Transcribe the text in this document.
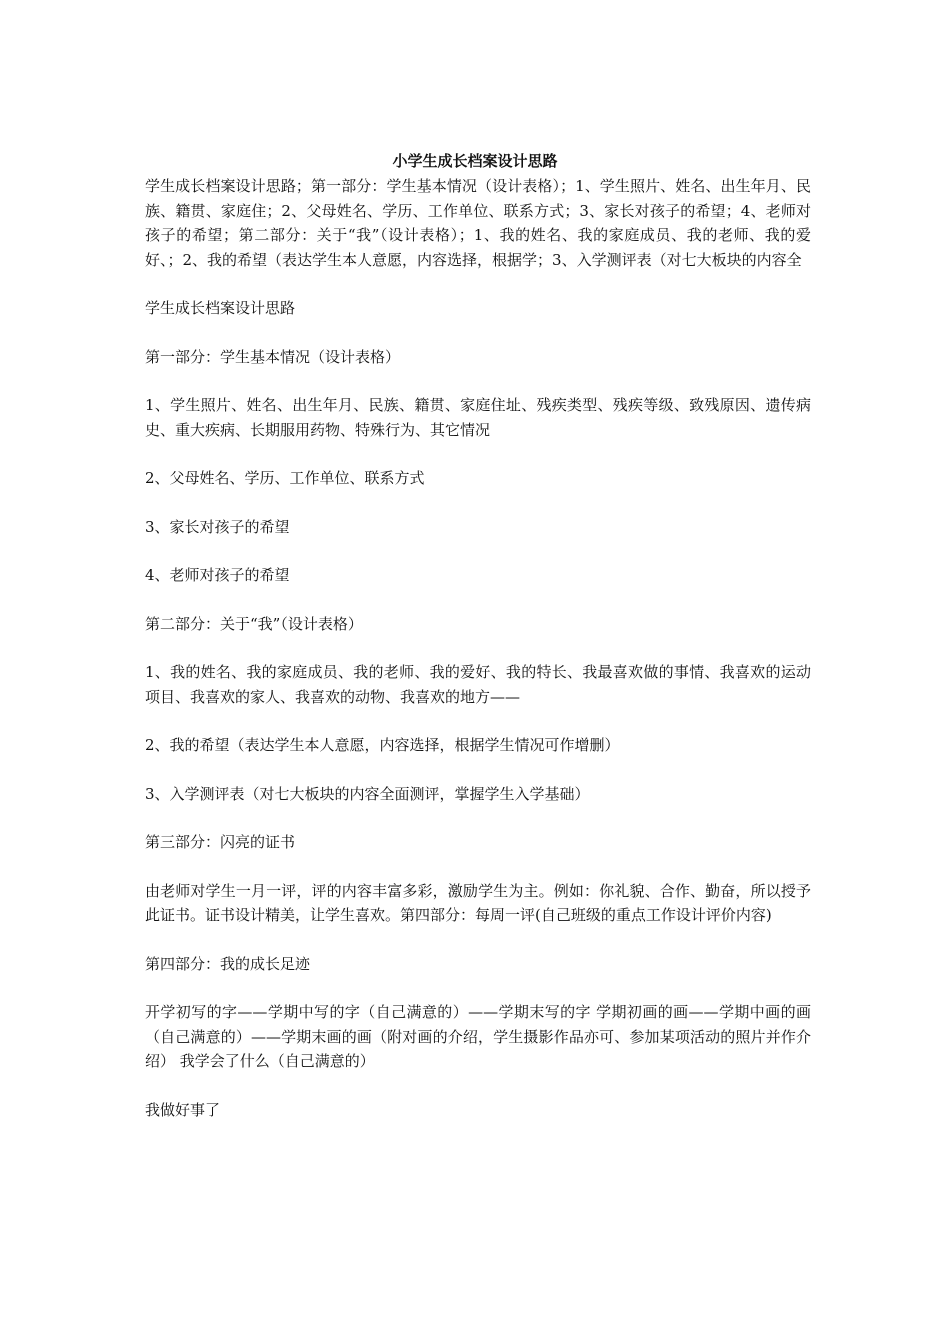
小学生成长档案设计思路

学生成长档案设计思路；第一部分：学生基本情况（设计表格）；1、学生照片、姓名、出生年月、民族、籍贯、家庭住；2、父母姓名、学历、工作单位、联系方式；3、家长对孩子的希望；4、老师对孩子的希望；第二部分：关于“我”（设计表格）；1、我的姓名、我的家庭成员、我的老师、我的爱好、；2、我的希望（表达学生本人意愿，内容选择，根据学；3、入学测评表（对七大板块的内容全

学生成长档案设计思路

第一部分：学生基本情况（设计表格）

1、学生照片、姓名、出生年月、民族、籍贯、家庭住址、残疾类型、残疾等级、致残原因、遗传病史、重大疾病、长期服用药物、特殊行为、其它情况

2、父母姓名、学历、工作单位、联系方式

3、家长对孩子的希望

4、老师对孩子的希望

第二部分：关于“我”（设计表格）

1、我的姓名、我的家庭成员、我的老师、我的爱好、我的特长、我最喜欢做的事情、我喜欢的运动项目、我喜欢的家人、我喜欢的动物、我喜欢的地方——

2、我的希望（表达学生本人意愿，内容选择，根据学生情况可作增删）

3、入学测评表（对七大板块的内容全面测评，掌握学生入学基础）

第三部分：闪亮的证书

由老师对学生一月一评，评的内容丰富多彩，激励学生为主。例如：你礼貌、合作、勤奋，所以授予此证书。证书设计精美，让学生喜欢。第四部分：每周一评(自己班级的重点工作设计评价内容)

第四部分：我的成长足迹

开学初写的字——学期中写的字（自己满意的）——学期末写的字 学期初画的画——学期中画的画（自己满意的）——学期末画的画（附对画的介绍，学生摄影作品亦可、参加某项活动的照片并作介绍） 我学会了什么（自己满意的）

我做好事了
